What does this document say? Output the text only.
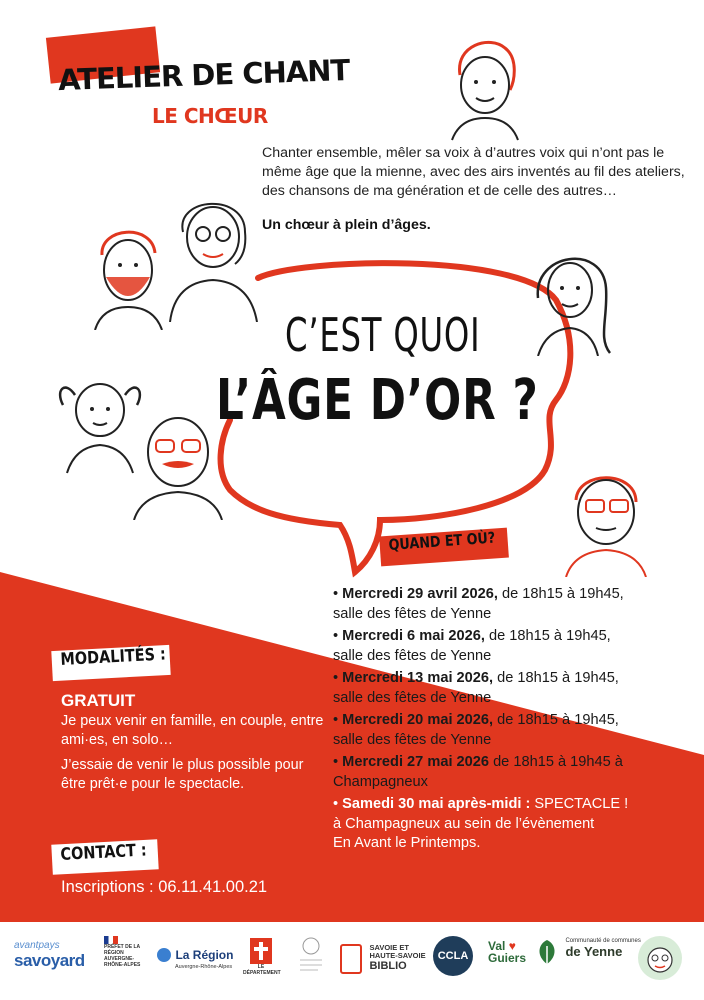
ATELIER DE CHANT
LE CHŒUR
Chanter ensemble, mêler sa voix à d’autres voix qui n’ont pas le même âge que la mienne, avec des airs inventés au fil des ateliers, des chansons de ma génération et de celle des autres…
Un chœur à plein d’âges.
C’EST QUOI
L’ÂGE D’OR ?
QUAND ET OÙ?
• Mercredi 29 avril 2026, de 18h15 à 19h45,
salle des fêtes de Yenne
• Mercredi 6 mai 2026, de 18h15 à 19h45,
salle des fêtes de Yenne
• Mercredi 13 mai 2026, de 18h15 à 19h45,
salle des fêtes de Yenne
• Mercredi 20 mai 2026, de 18h15 à 19h45,
salle des fêtes de Yenne
• Mercredi 27 mai 2026 de 18h15 à 19h45 à
Champagneux
• Samedi 30 mai après-midi : SPECTACLE !
à Champagneux au sein de l’évènement
En Avant le Printemps.
MODALITÉS :
GRATUIT

Je peux venir en famille, en couple, entre ami·es, en solo…

J’essaie de venir le plus possible pour être prêt·e pour le spectacle.

CONTACT :
Inscriptions : 06.11.41.00.21
avantpays
savoyard
PRÉFET DE LA RÉGION AUVERGNE-RHÔNE-ALPES
La Région
Auvergne-Rhône-Alpes	LE DÉPARTEMENT

SAVOIE ET
HAUTE-SAVOIE
BIBLIO
CCLA
Val ♥
Guiers

Communauté de communes
de Yenne
